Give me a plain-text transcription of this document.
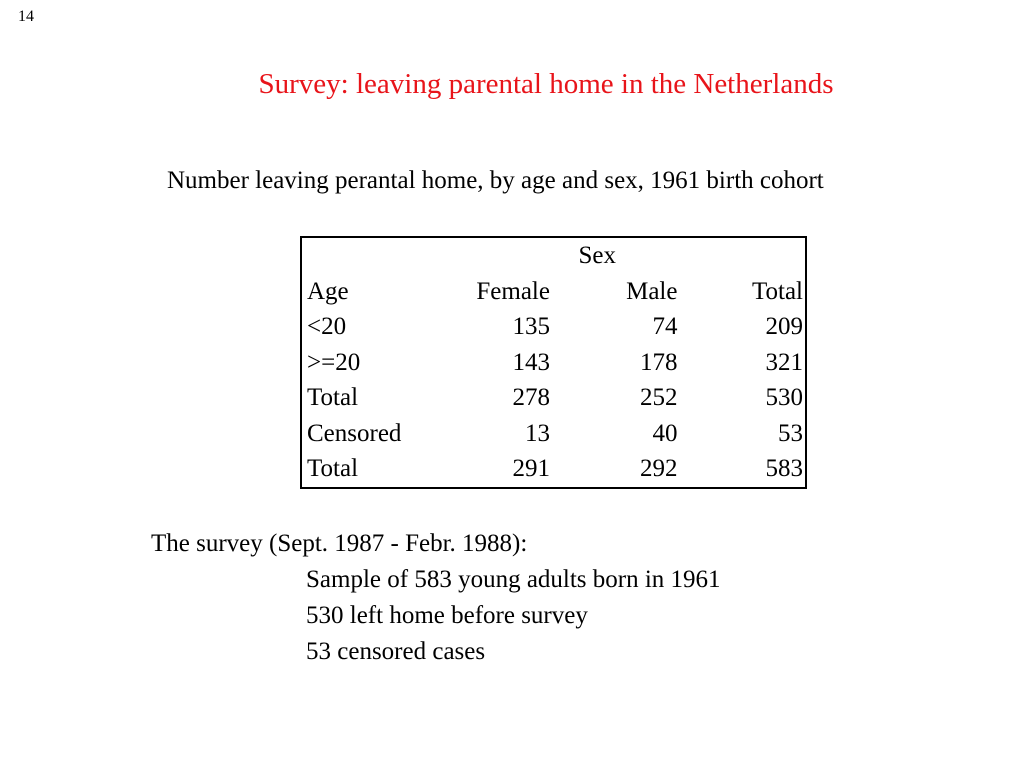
14
Survey: leaving parental home in the Netherlands
Number leaving perantal home, by age and sex, 1961 birth cohort
	Sex		
Age	Female	Male	Total
<20	135	74	209
>=20	143	178	321
Total	278	252	530
Censored	13	40	53
Total	291	292	583
The survey (Sept. 1987 - Febr. 1988):
Sample of 583 young adults born in 1961
530 left home before survey
53 censored cases
